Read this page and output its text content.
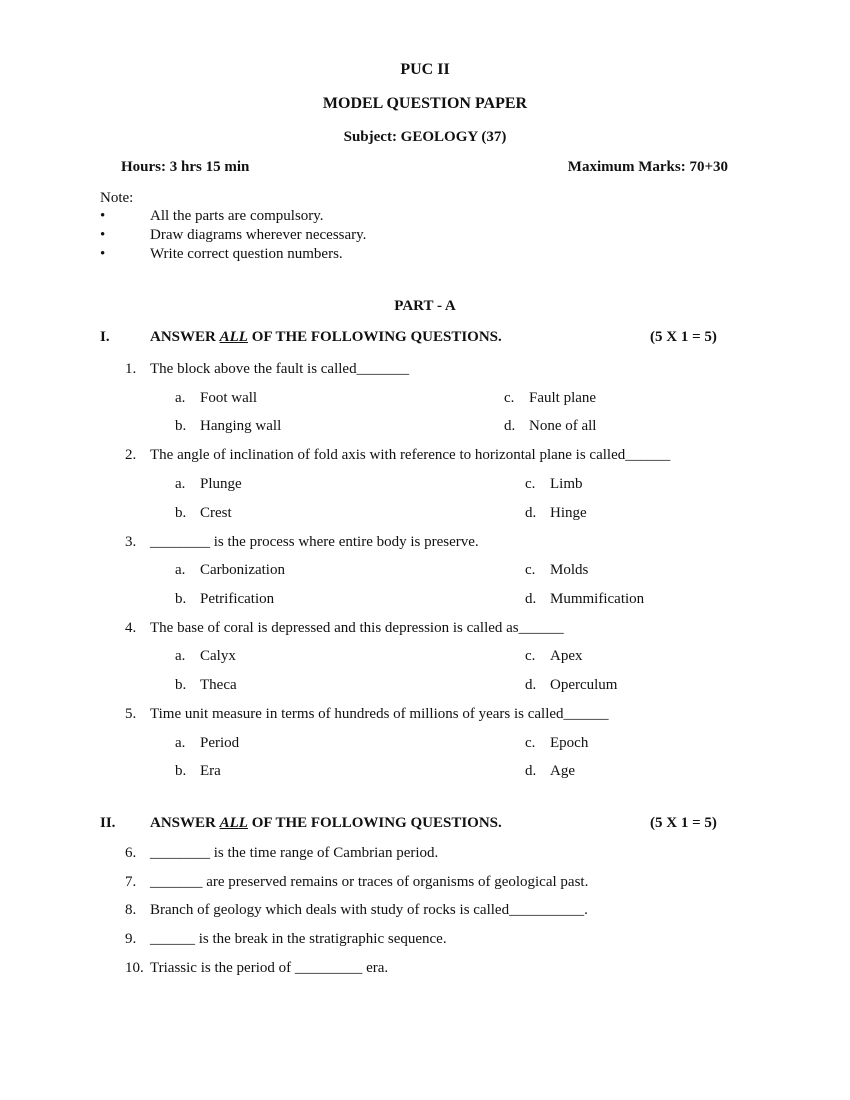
PUC II
MODEL QUESTION PAPER
Subject: GEOLOGY (37)
Hours: 3 hrs 15 min	Maximum Marks: 70+30
Note:
•	All the parts are compulsory.
•	Draw diagrams wherever necessary.
•	Write correct question numbers.
PART - A
I.	ANSWER ALL OF THE FOLLOWING QUESTIONS.	(5 X 1 = 5)
1. The block above the fault is called_______
a. Foot wall
b. Hanging wall
c. Fault plane
d. None of all
2. The angle of inclination of fold axis with reference to horizontal plane is called______
a. Plunge
b. Crest
c. Limb
d. Hinge
3. ________ is the process where entire body is preserve.
a. Carbonization
b. Petrification
c. Molds
d. Mummification
4. The base of coral is depressed and this depression is called as______
a. Calyx
b. Theca
c. Apex
d. Operculum
5. Time unit measure in terms of hundreds of millions of years is called______
a. Period
b. Era
c. Epoch
d. Age
II. ANSWER ALL OF THE FOLLOWING QUESTIONS.	(5 X 1 = 5)
6. ________ is the time range of Cambrian period.
7. _______ are preserved remains or traces of organisms of geological past.
8. Branch of geology which deals with study of rocks is called__________.
9. ______ is the break in the stratigraphic sequence.
10. Triassic is the period of _________ era.
